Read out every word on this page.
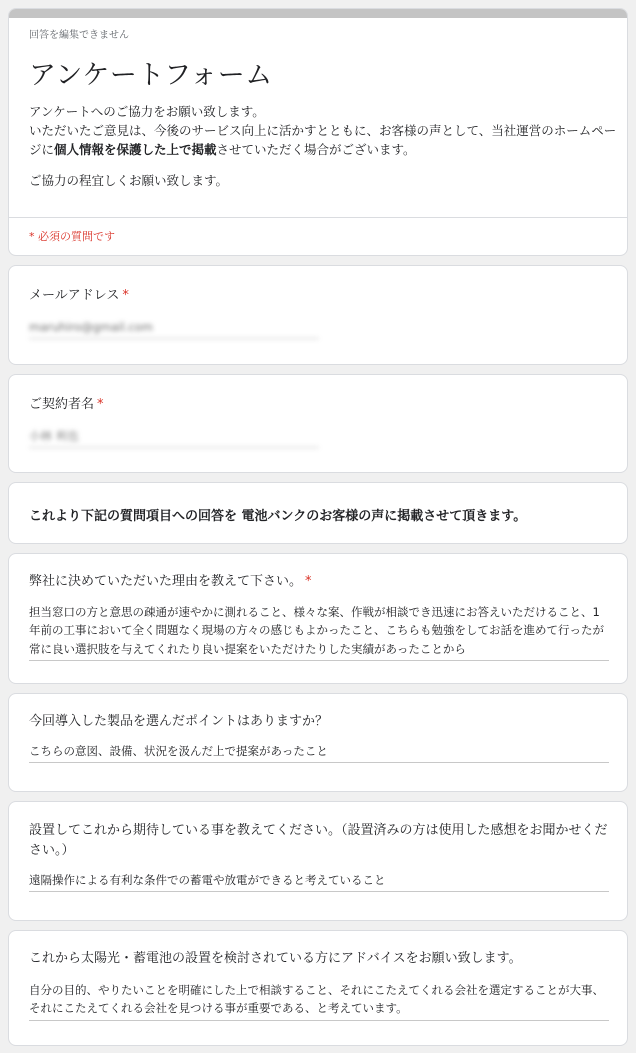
回答を編集できません
アンケートフォーム

アンケートへのご協力をお願い致します。

いただいたご意見は、今後のサービス向上に活かすとともに、お客様の声として、当社運営のホームページに個人情報を保護した上で掲載させていただく場合がございます。

ご協力の程宜しくお願い致します。

* 必須の質問です
メールアドレス *
maruhiro@gmail.com
ご契約者名 *
小林 利也
これより下記の質問項目への回答を 電池バンクのお客様の声に掲載させて頂きます。
弊社に決めていただいた理由を教えて下さい。 *
担当窓口の方と意思の疎通が速やかに測れること、様々な案、作戦が相談でき迅速にお答えいただけること、1年前の工事において全く問題なく現場の方々の感じもよかったこと、こちらも勉強をしてお話を進めて行ったが常に良い選択肢を与えてくれたり良い提案をいただけたりした実績があったことから
今回導入した製品を選んだポイントはありますか？
こちらの意図、設備、状況を汲んだ上で提案があったこと
設置してこれから期待している事を教えてください。（設置済みの方は使用した感想をお聞かせください。）
遠隔操作による有利な条件での蓄電や放電ができると考えていること
これから太陽光・蓄電池の設置を検討されている方にアドバイスをお願い致します。
自分の目的、やりたいことを明確にした上で相談すること、それにこたえてくれる会社を選定することが大事、それにこたえてくれる会社を見つける事が重要である、と考えています。
